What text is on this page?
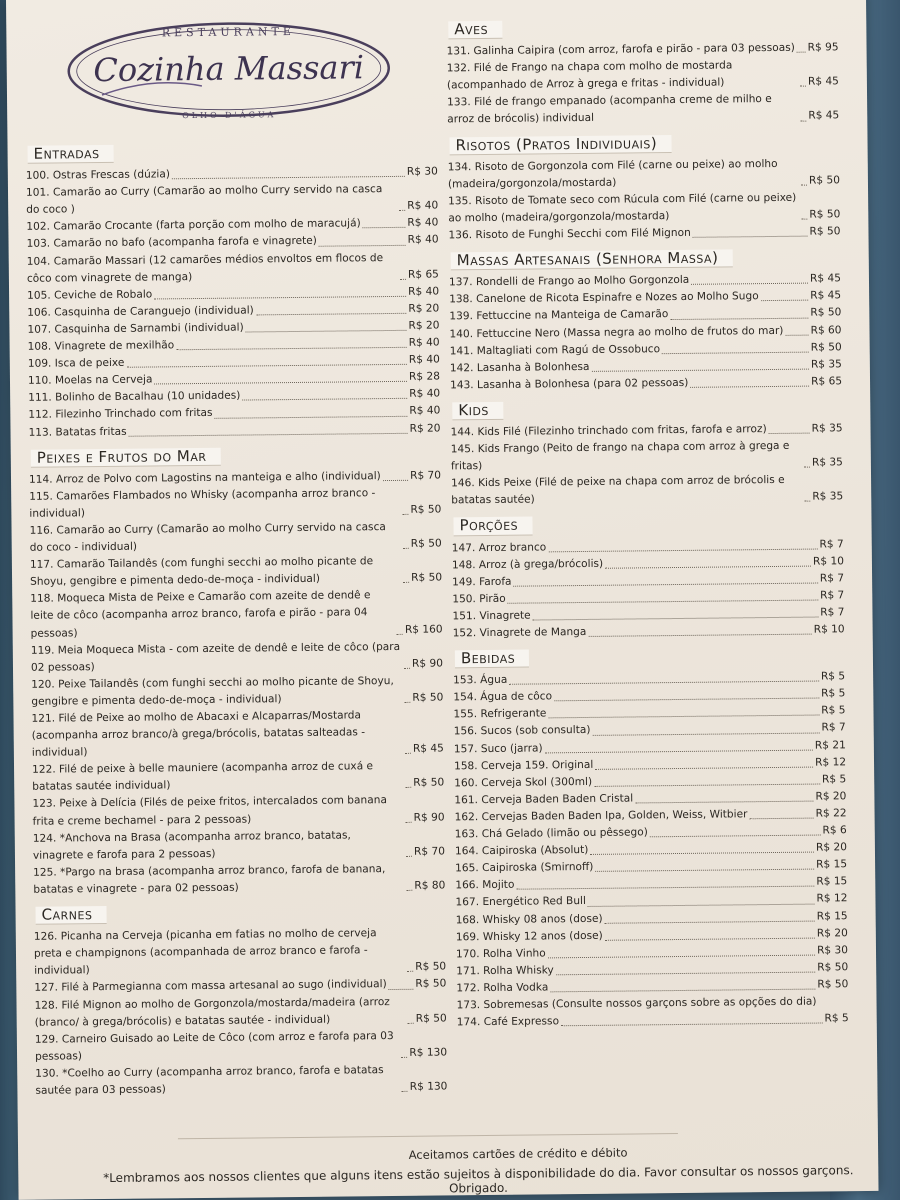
RESTAURANTE
Cozinha Massari
OLHO D'ÁGUA
Entradas
100. Ostras Frescas (dúzia)	R$ 30
101. Camarão ao Curry (Camarão ao molho Curry servido na casca do coco )	R$ 40
102. Camarão Crocante (farta porção com molho de maracujá)	R$ 40
103. Camarão no bafo (acompanha farofa e vinagrete)	R$ 40
104. Camarão Massari (12 camarões médios envoltos em flocos de côco com vinagrete de manga)	R$ 65
105. Ceviche de Robalo	R$ 40
106. Casquinha de Caranguejo (individual)	R$ 20
107. Casquinha de Sarnambi (individual)	R$ 20
108. Vinagrete de mexilhão	R$ 40
109. Isca de peixe	R$ 40
110. Moelas na Cerveja	R$ 28
111. Bolinho de Bacalhau (10 unidades)	R$ 40
112. Filezinho Trinchado com fritas	R$ 40
113. Batatas fritas	R$ 20
Peixes e Frutos do Mar
114. Arroz de Polvo com Lagostins na manteiga e alho (individual)	R$ 70
115. Camarões Flambados no Whisky (acompanha arroz branco - individual)	R$ 50
116. Camarão ao Curry (Camarão ao molho Curry servido na casca do coco - individual)	R$ 50
117. Camarão Tailandês (com funghi secchi ao molho picante de Shoyu, gengibre e pimenta dedo-de-moça - individual)	R$ 50
118. Moqueca Mista de Peixe e Camarão com azeite de dendê e leite de côco (acompanha arroz branco, farofa e pirão - para 04 pessoas)	R$ 160
119. Meia Moqueca Mista - com azeite de dendê e leite de côco (para 02 pessoas)	R$ 90
120. Peixe Tailandês (com funghi secchi ao molho picante de Shoyu, gengibre e pimenta dedo-de-moça - individual)	R$ 50
121. Filé de Peixe ao molho de Abacaxi e Alcaparras/Mostarda (acompanha arroz branco/à grega/brócolis, batatas salteadas - individual)	R$ 45
122. Filé de peixe à belle mauniere (acompanha arroz de cuxá e batatas sautée individual)	R$ 50
123. Peixe à Delícia (Filés de peixe fritos, intercalados com banana frita e creme bechamel - para 2 pessoas)	R$ 90
124. *Anchova na Brasa (acompanha arroz branco, batatas, vinagrete e farofa para 2 pessoas)	R$ 70
125. *Pargo na brasa (acompanha arroz branco, farofa de banana, batatas e vinagrete - para 02 pessoas)	R$ 80
Carnes
126. Picanha na Cerveja (picanha em fatias no molho de cerveja preta e champignons (acompanhada de arroz branco e farofa - individual)	R$ 50
127. Filé à Parmegianna com massa artesanal ao sugo (individual)	R$ 50
128. Filé Mignon ao molho de Gorgonzola/mostarda/madeira (arroz (branco/ à grega/brócolis) e batatas sautée - individual)	R$ 50
129. Carneiro Guisado ao Leite de Côco (com arroz e farofa para 03 pessoas)	R$ 130
130. *Coelho ao Curry (acompanha arroz branco, farofa e batatas sautée para 03 pessoas)	R$ 130
Aves
131. Galinha Caipira (com arroz, farofa e pirão - para 03 pessoas) R$ 95
132. Filé de Frango na chapa com molho de mostarda (acompanhado de Arroz à grega e fritas - individual)	R$ 45
133. Filé de frango empanado (acompanha creme de milho e arroz de brócolis) individual	R$ 45
Risotos (Pratos Individuais)
134. Risoto de Gorgonzola com Filé (carne ou peixe) ao molho (madeira/gorgonzola/mostarda)	R$ 50
135. Risoto de Tomate seco com Rúcula com Filé (carne ou peixe) ao molho (madeira/gorgonzola/mostarda)	R$ 50
136. Risoto de Funghi Secchi com Filé Mignon	R$ 50
Massas Artesanais (Senhora Massa)
137. Rondelli de Frango ao Molho Gorgonzola	R$ 45
138. Canelone de Ricota Espinafre e Nozes ao Molho Sugo	R$ 45
139. Fettuccine na Manteiga de Camarão	R$ 50
140. Fettuccine Nero (Massa negra ao molho de frutos do mar)	R$ 60
141. Maltagliati com Ragú de Ossobuco	R$ 50
142. Lasanha à Bolonhesa	R$ 35
143. Lasanha à Bolonhesa (para 02 pessoas)	R$ 65
Kids
144. Kids Filé (Filezinho trinchado com fritas, farofa e arroz)	R$ 35
145. Kids Frango (Peito de frango na chapa com arroz à grega e fritas)	R$ 35
146. Kids Peixe (Filé de peixe na chapa com arroz de brócolis e batatas sautée)	R$ 35
Porções
147. Arroz branco	R$ 7
148. Arroz (à grega/brócolis)	R$ 10
149. Farofa	R$ 7
150. Pirão	R$ 7
151. Vinagrete	R$ 7
152. Vinagrete de Manga	R$ 10
Bebidas
153. Água	R$ 5
154. Água de côco	R$ 5
155. Refrigerante	R$ 5
156. Sucos (sob consulta)	R$ 7
157. Suco (jarra)	R$ 21
158. Cerveja 159. Original	R$ 12
160. Cerveja Skol (300ml)	R$ 5
161. Cerveja Baden Baden Cristal	R$ 20
162. Cervejas Baden Baden Ipa, Golden, Weiss, Witbier	R$ 22
163. Chá Gelado (limão ou pêssego)	R$ 6
164. Caipiroska (Absolut)	R$ 20
165. Caipiroska (Smirnoff)	R$ 15
166. Mojito	R$ 15
167. Energético Red Bull	R$ 12
168. Whisky 08 anos (dose)	R$ 15
169. Whisky 12 anos (dose)	R$ 20
170. Rolha Vinho	R$ 30
171. Rolha Whisky	R$ 50
172. Rolha Vodka	R$ 50
173. Sobremesas (Consulte nossos garçons sobre as opções do dia)
174. Café Expresso	R$ 5
Aceitamos cartões de crédito e débito
*Lembramos aos nossos clientes que alguns itens estão sujeitos à disponibilidade do dia. Favor consultar os nossos garçons. Obrigado.
